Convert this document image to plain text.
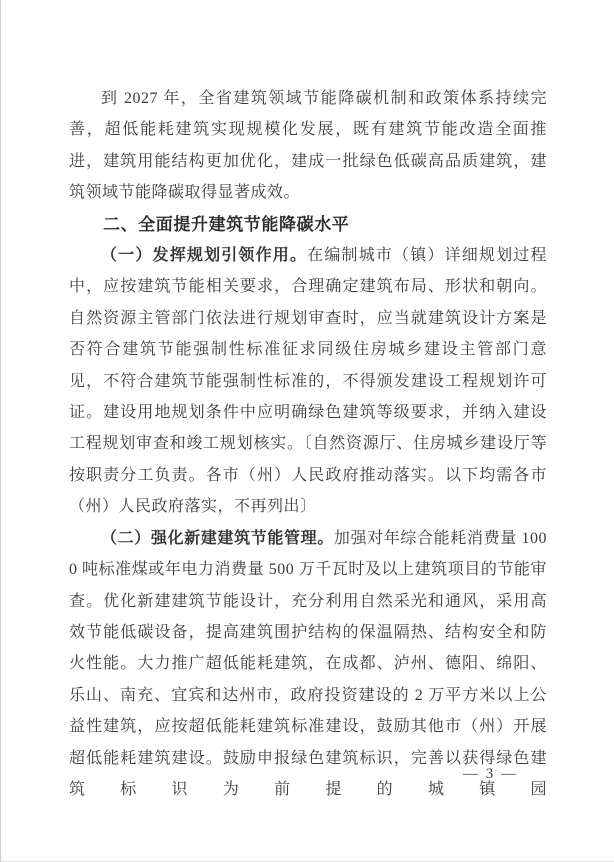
到 2027 年，全省建筑领域节能降碳机制和政策体系持续完善，超低能耗建筑实现规模化发展，既有建筑节能改造全面推进，建筑用能结构更加优化，建成一批绿色低碳高品质建筑，建筑领域节能降碳取得显著成效。

二、全面提升建筑节能降碳水平

（一）发挥规划引领作用。在编制城市（镇）详细规划过程中，应按建筑节能相关要求，合理确定建筑布局、形状和朝向。自然资源主管部门依法进行规划审查时，应当就建筑设计方案是否符合建筑节能强制性标准征求同级住房城乡建设主管部门意见，不符合建筑节能强制性标准的，不得颁发建设工程规划许可证。建设用地规划条件中应明确绿色建筑等级要求，并纳入建设工程规划审查和竣工规划核实。〔自然资源厅、住房城乡建设厅等按职责分工负责。各市（州）人民政府推动落实。以下均需各市（州）人民政府落实，不再列出〕

（二）强化新建建筑节能管理。加强对年综合能耗消费量 1000 吨标准煤或年电力消费量 500 万千瓦时及以上建筑项目的节能审查。优化新建建筑节能设计，充分利用自然采光和通风，采用高效节能低碳设备，提高建筑围护结构的保温隔热、结构安全和防火性能。大力推广超低能耗建筑，在成都、泸州、德阳、绵阳、乐山、南充、宜宾和达州市，政府投资建设的 2 万平方米以上公益性建筑，应按超低能耗建筑标准建设，鼓励其他市（州）开展超低能耗建筑建设。鼓励申报绿色建筑标识，完善以获得绿色建筑标识为前提的城镇园

— 3 —
